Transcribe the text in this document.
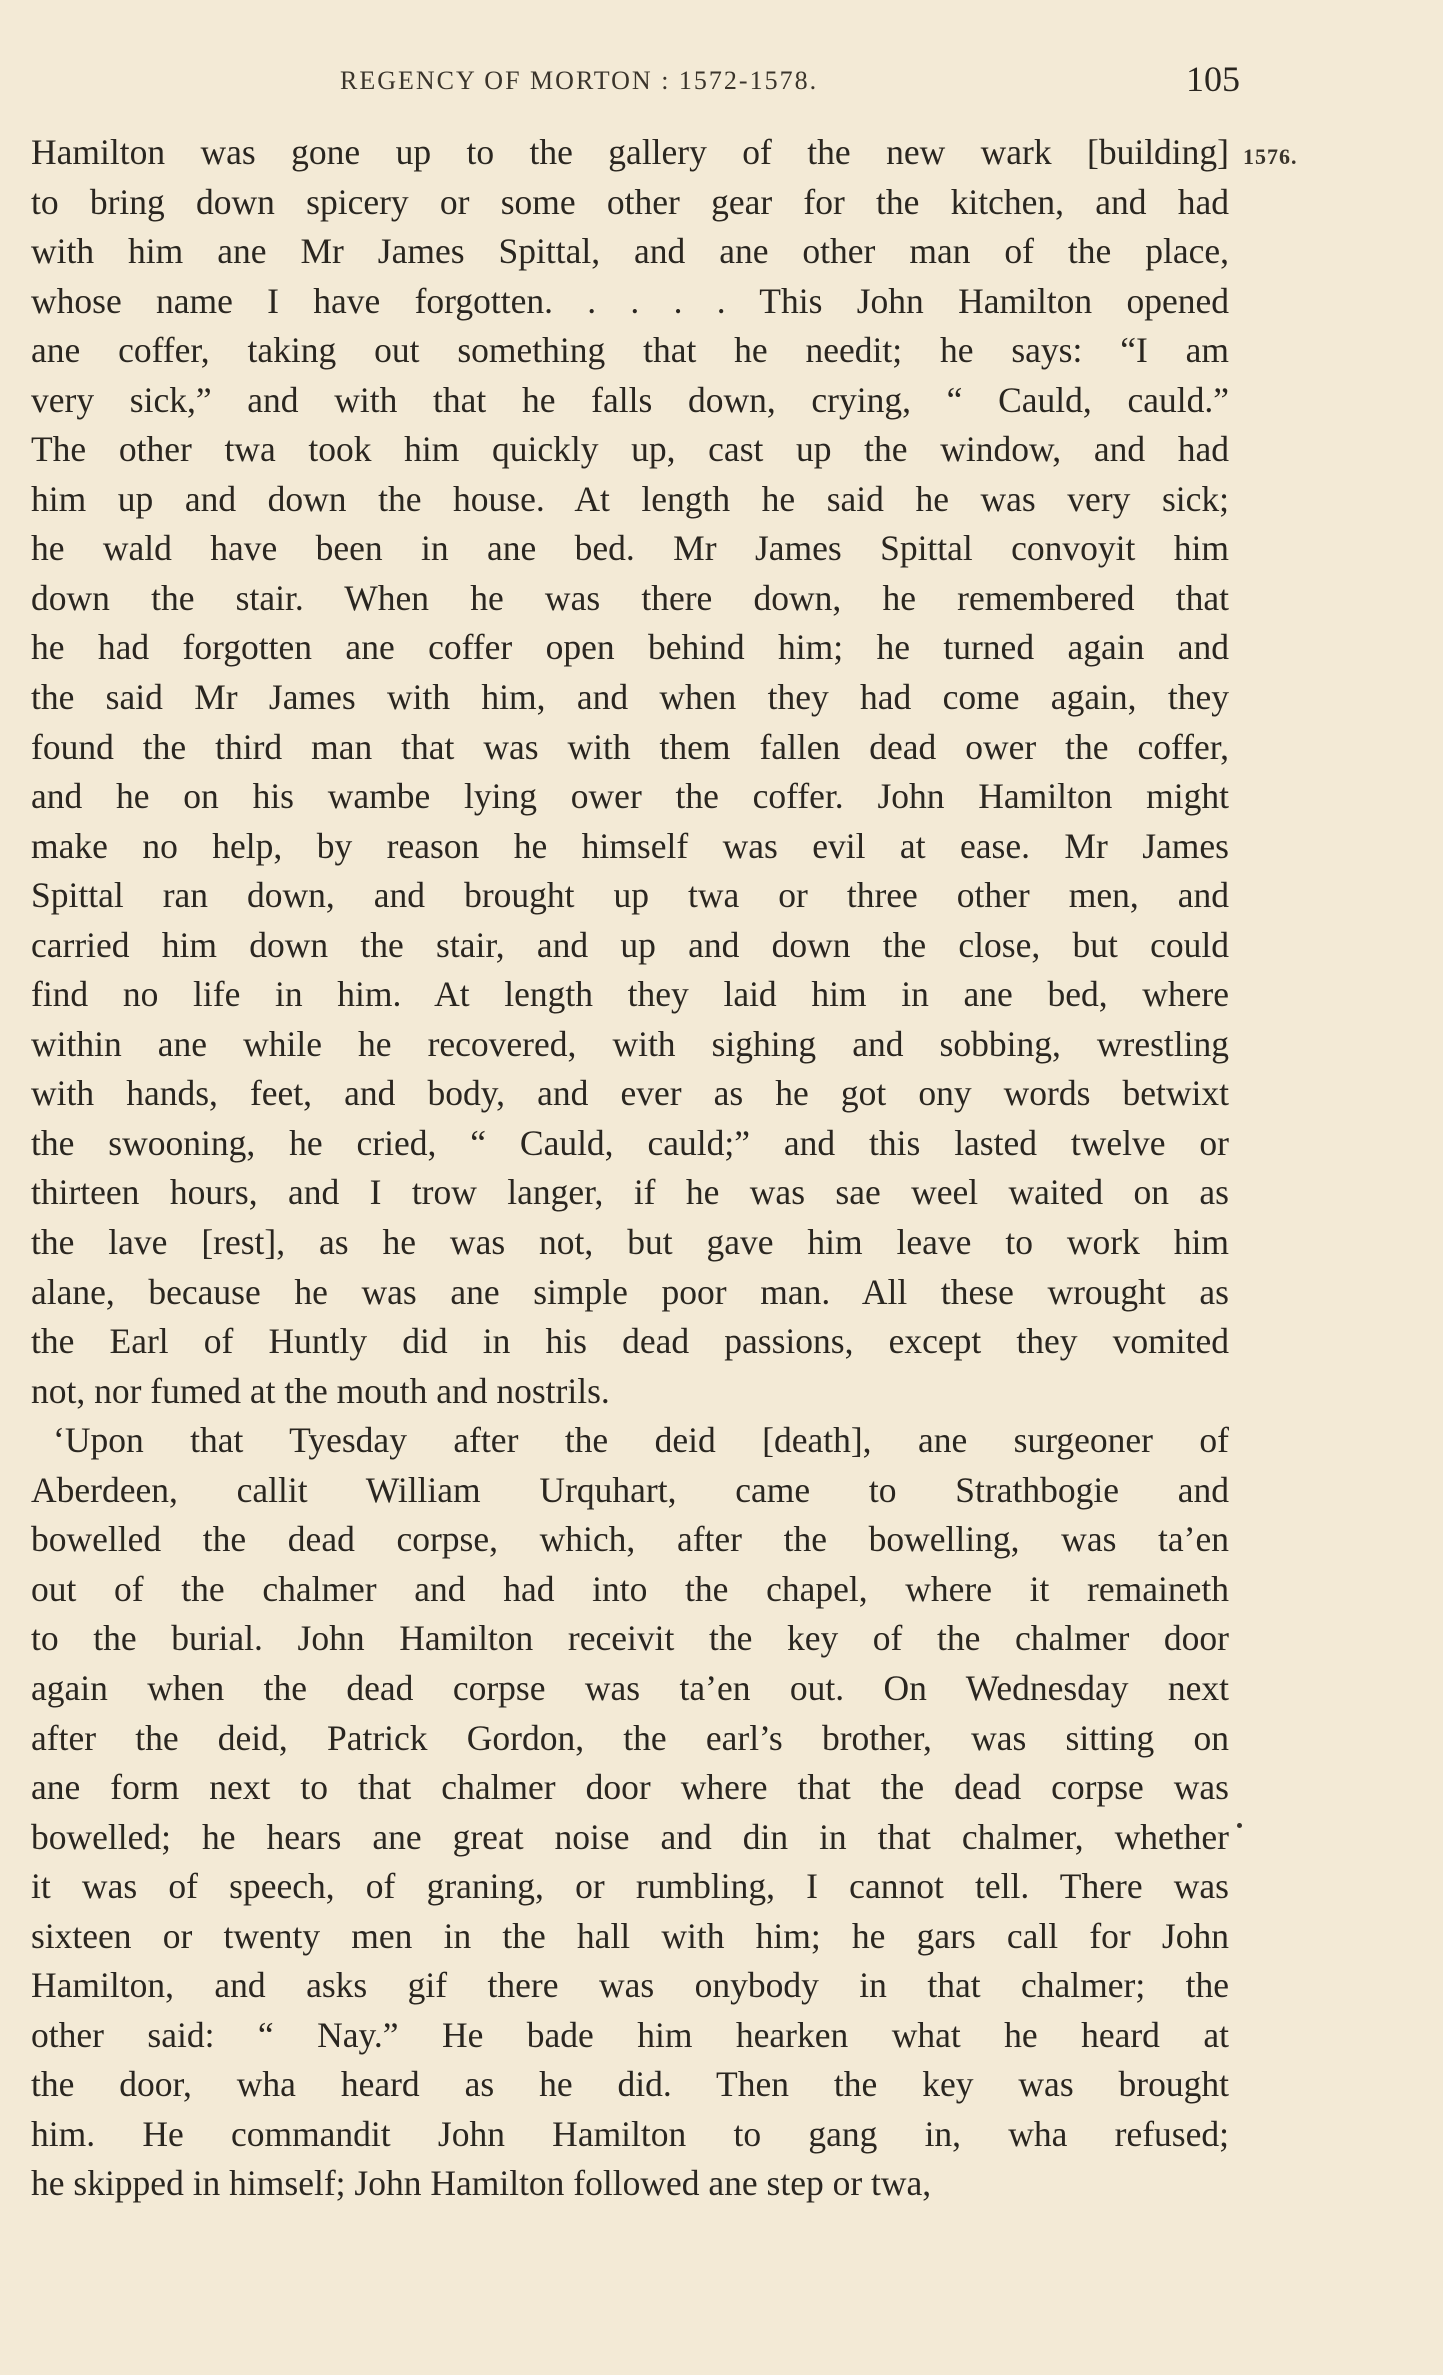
REGENCY OF MORTON : 1572-1578.	105
1576.
Hamilton was gone up to the gallery of the new wark [building]
to bring down spicery or some other gear for the kitchen, and had
with him ane Mr James Spittal, and ane other man of the place,
whose name I have forgotten. . . . . This John Hamilton opened
ane coffer, taking out something that he needit; he says: “I am
very sick,” and with that he falls down, crying, “ Cauld, cauld.”
The other twa took him quickly up, cast up the window, and had
him up and down the house. At length he said he was very sick;
he wald have been in ane bed. Mr James Spittal convoyit him
down the stair. When he was there down, he remembered that
he had forgotten ane coffer open behind him; he turned again and
the said Mr James with him, and when they had come again, they
found the third man that was with them fallen dead ower the coffer,
and he on his wambe lying ower the coffer. John Hamilton might
make no help, by reason he himself was evil at ease. Mr James
Spittal ran down, and brought up twa or three other men, and
carried him down the stair, and up and down the close, but could
find no life in him. At length they laid him in ane bed, where
within ane while he recovered, with sighing and sobbing, wrestling
with hands, feet, and body, and ever as he got ony words betwixt
the swooning, he cried, “ Cauld, cauld;” and this lasted twelve or
thirteen hours, and I trow langer, if he was sae weel waited on as
the lave [rest], as he was not, but gave him leave to work him
alane, because he was ane simple poor man. All these wrought as
the Earl of Huntly did in his dead passions, except they vomited
not, nor fumed at the mouth and nostrils.
‘Upon that Tyesday after the deid [death], ane surgeoner of
Aberdeen, callit William Urquhart, came to Strathbogie and
bowelled the dead corpse, which, after the bowelling, was ta’en
out of the chalmer and had into the chapel, where it remaineth
to the burial. John Hamilton receivit the key of the chalmer door
again when the dead corpse was ta’en out. On Wednesday next
after the deid, Patrick Gordon, the earl’s brother, was sitting on
ane form next to that chalmer door where that the dead corpse was
bowelled; he hears ane great noise and din in that chalmer, whether
it was of speech, of graning, or rumbling, I cannot tell. There was
sixteen or twenty men in the hall with him; he gars call for John
Hamilton, and asks gif there was onybody in that chalmer; the
other said: “ Nay.” He bade him hearken what he heard at
the door, wha heard as he did. Then the key was brought
him. He commandit John Hamilton to gang in, wha refused;
he skipped in himself; John Hamilton followed ane step or twa,
